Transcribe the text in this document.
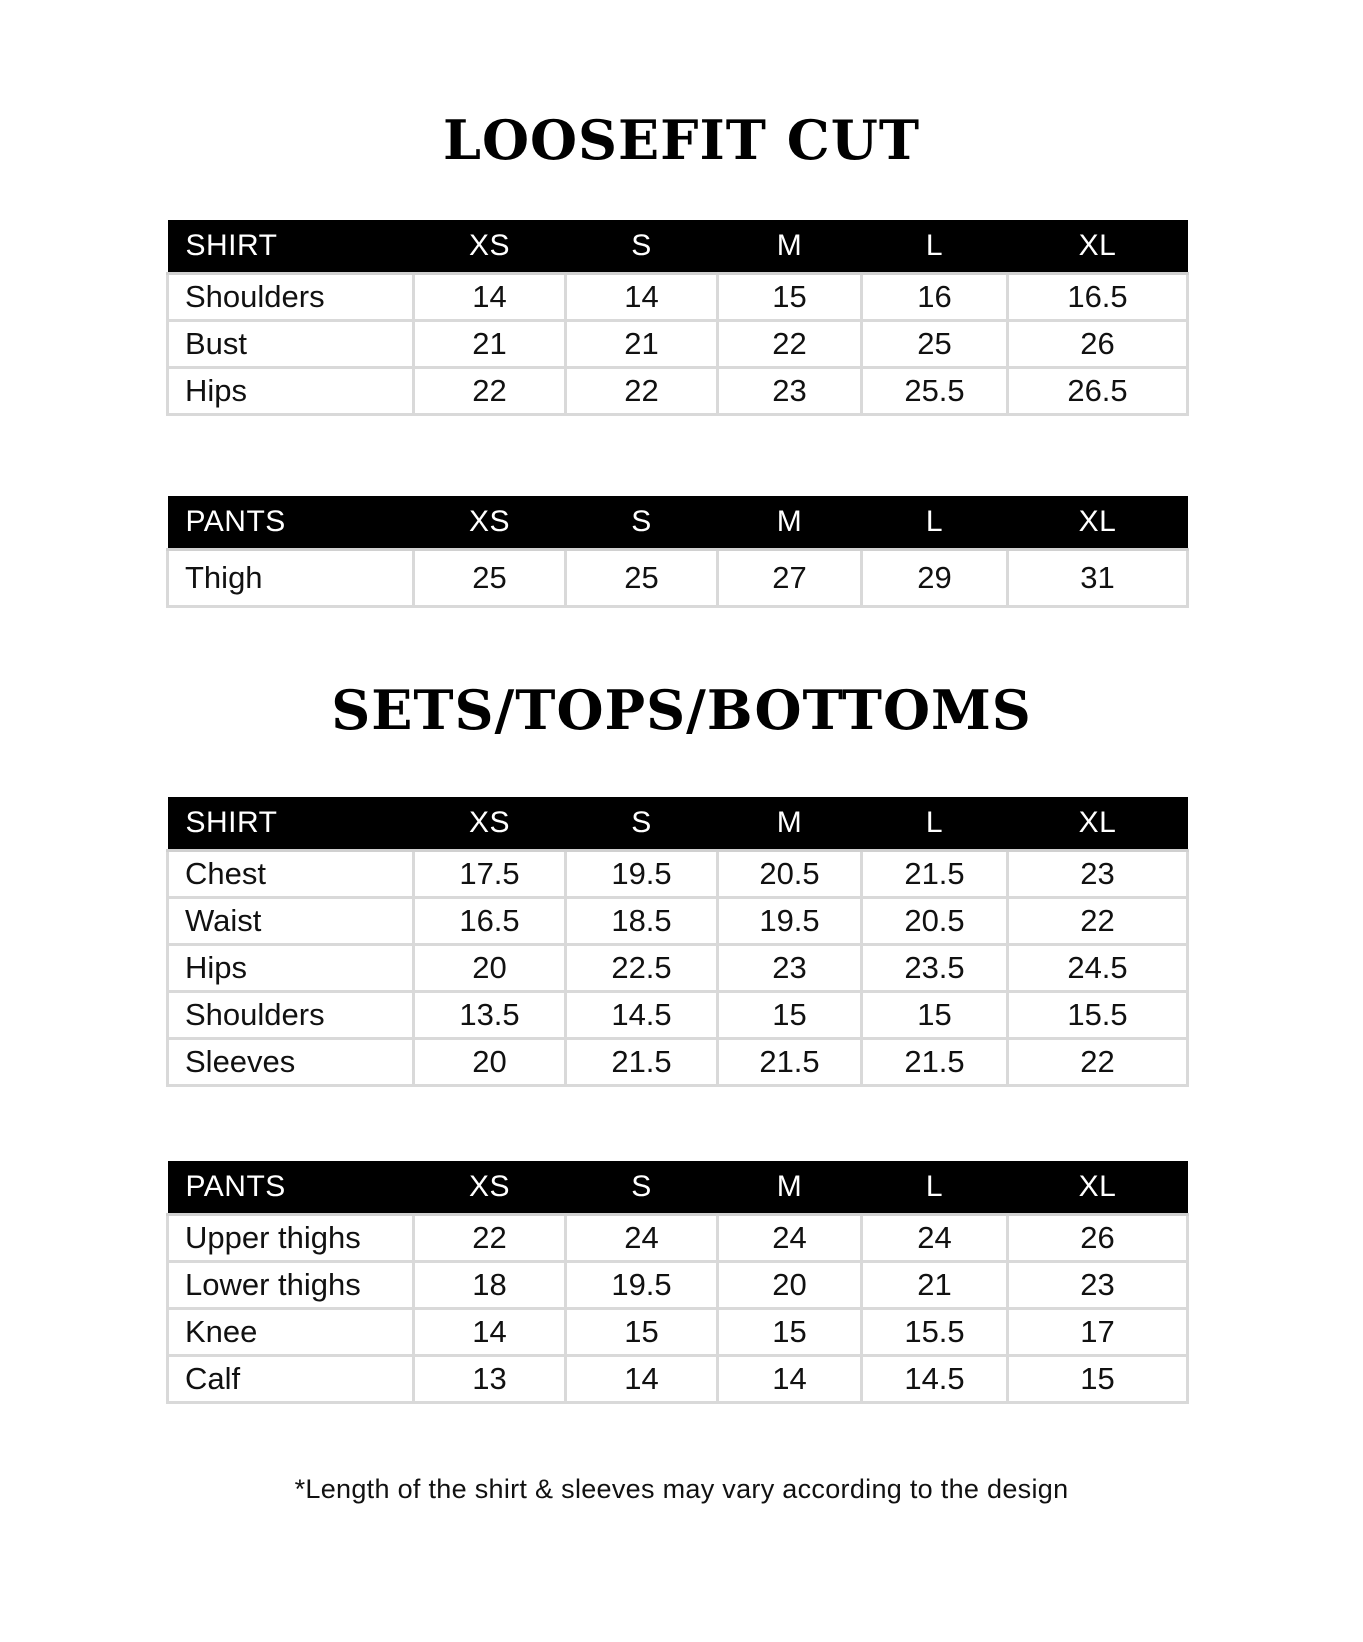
LOOSEFIT CUT
SHIRT	XS	S	M	L	XL
Shoulders	14	14	15	16	16.5
Bust	21	21	22	25	26
Hips	22	22	23	25.5	26.5
PANTS	XS	S	M	L	XL
Thigh	25	25	27	29	31
SETS/TOPS/BOTTOMS
SHIRT	XS	S	M	L	XL
Chest	17.5	19.5	20.5	21.5	23
Waist	16.5	18.5	19.5	20.5	22
Hips	20	22.5	23	23.5	24.5
Shoulders	13.5	14.5	15	15	15.5
Sleeves	20	21.5	21.5	21.5	22
PANTS	XS	S	M	L	XL
Upper thighs	22	24	24	24	26
Lower thighs	18	19.5	20	21	23
Knee	14	15	15	15.5	17
Calf	13	14	14	14.5	15
*Length of the shirt & sleeves may vary according to the design
